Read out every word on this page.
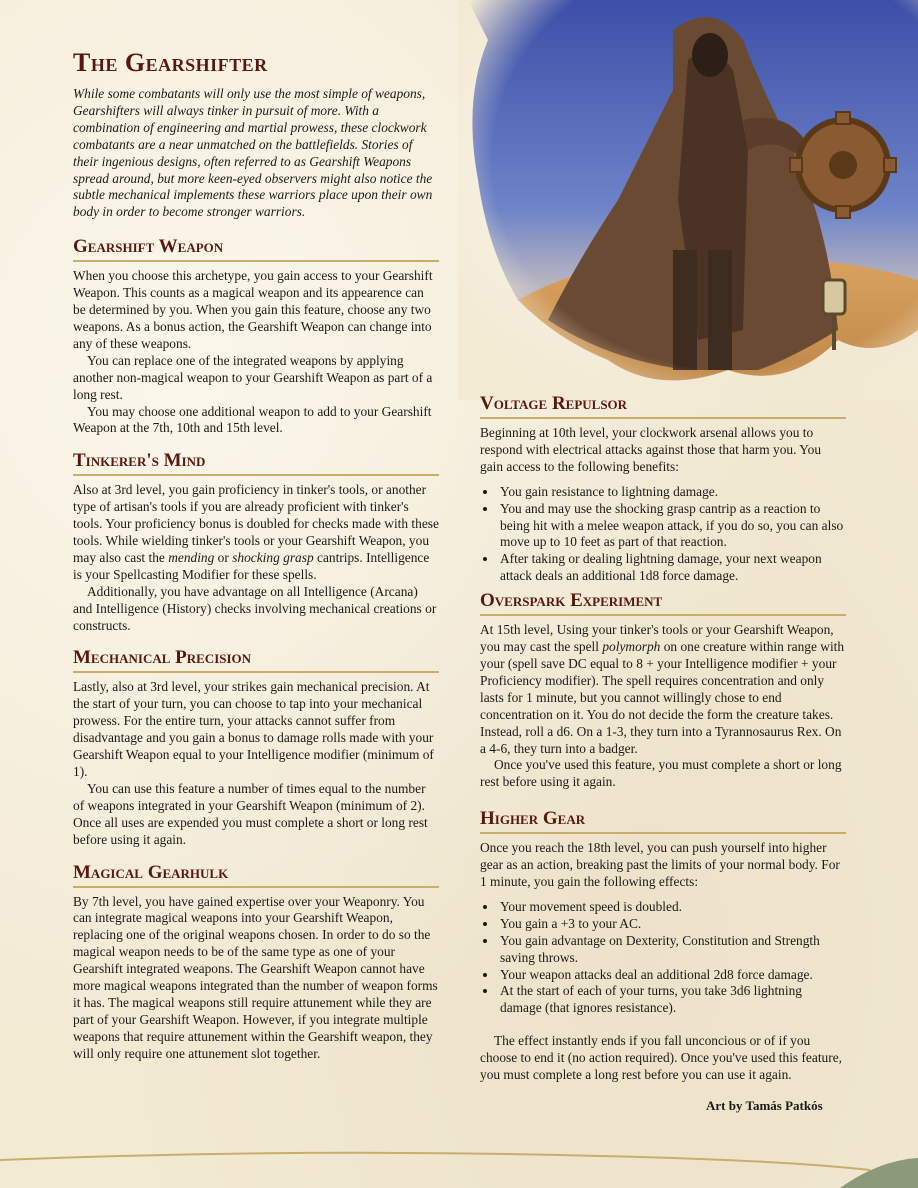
The Gearshifter

While some combatants will only use the most simple of weapons, Gearshifters will always tinker in pursuit of more. With a combination of engineering and martial prowess, these clockwork combatants are a near unmatched on the battlefields. Stories of their ingenious designs, often referred to as Gearshift Weapons spread around, but more keen-eyed observers might also notice the subtle mechanical implements these warriors place upon their own body in order to become stronger warriors.

Gearshift Weapon

When you choose this archetype, you gain access to your Gearshift Weapon. This counts as a magical weapon and its appearence can be determined by you. When you gain this feature, choose any two weapons. As a bonus action, the Gearshift Weapon can change into any of these weapons.

You can replace one of the integrated weapons by applying another non-magical weapon to your Gearshift Weapon as part of a long rest.

You may choose one additional weapon to add to your Gearshift Weapon at the 7th, 10th and 15th level.

Tinkerer's Mind

Also at 3rd level, you gain proficiency in tinker's tools, or another type of artisan's tools if you are already proficient with tinker's tools. Your proficiency bonus is doubled for checks made with these tools. While wielding tinker's tools or your Gearshift Weapon, you may also cast the mending or shocking grasp cantrips. Intelligence is your Spellcasting Modifier for these spells.

Additionally, you have advantage on all Intelligence (Arcana) and Intelligence (History) checks involving mechanical creations or constructs.

Mechanical Precision

Lastly, also at 3rd level, your strikes gain mechanical precision. At the start of your turn, you can choose to tap into your mechanical prowess. For the entire turn, your attacks cannot suffer from disadvantage and you gain a bonus to damage rolls made with your Gearshift Weapon equal to your Intelligence modifier (minimum of 1).

You can use this feature a number of times equal to the number of weapons integrated in your Gearshift Weapon (minimum of 2). Once all uses are expended you must complete a short or long rest before using it again.

Magical Gearhulk

By 7th level, you have gained expertise over your Weaponry. You can integrate magical weapons into your Gearshift Weapon, replacing one of the original weapons chosen. In order to do so the magical weapon needs to be of the same type as one of your Gearshift integrated weapons. The Gearshift Weapon cannot have more magical weapons integrated than the number of weapon forms it has. The magical weapons still require attunement while they are part of your Gearshift Weapon. However, if you integrate multiple weapons that require attunement within the Gearshift weapon, they will only require one attunement slot together.

Voltage Repulsor

Beginning at 10th level, your clockwork arsenal allows you to respond with electrical attacks against those that harm you. You gain access to the following benefits:

• You gain resistance to lightning damage.
• You and may use the shocking grasp cantrip as a reaction to being hit with a melee weapon attack, if you do so, you can also move up to 10 feet as part of that reaction.
• After taking or dealing lightning damage, your next weapon attack deals an additional 1d8 force damage.
Overspark Experiment

At 15th level, Using your tinker's tools or your Gearshift Weapon, you may cast the spell polymorph on one creature within range with your (spell save DC equal to 8 + your Intelligence modifier + your Proficiency modifier). The spell requires concentration and only lasts for 1 minute, but you cannot willingly chose to end concentration on it. You do not decide the form the creature takes. Instead, roll a d6. On a 1-3, they turn into a Tyrannosaurus Rex. On a 4-6, they turn into a badger.

Once you've used this feature, you must complete a short or long rest before using it again.

Higher Gear

Once you reach the 18th level, you can push yourself into higher gear as an action, breaking past the limits of your normal body. For 1 minute, you gain the following effects:

• Your movement speed is doubled.
• You gain a +3 to your AC.
• You gain advantage on Dexterity, Constitution and Strength saving throws.
• Your weapon attacks deal an additional 2d8 force damage.
• At the start of each of your turns, you take 3d6 lightning damage (that ignores resistance).

The effect instantly ends if you fall unconcious or of if you choose to end it (no action required). Once you've used this feature, you must complete a long rest before you can use it again.

Art by Tamás Patkós
